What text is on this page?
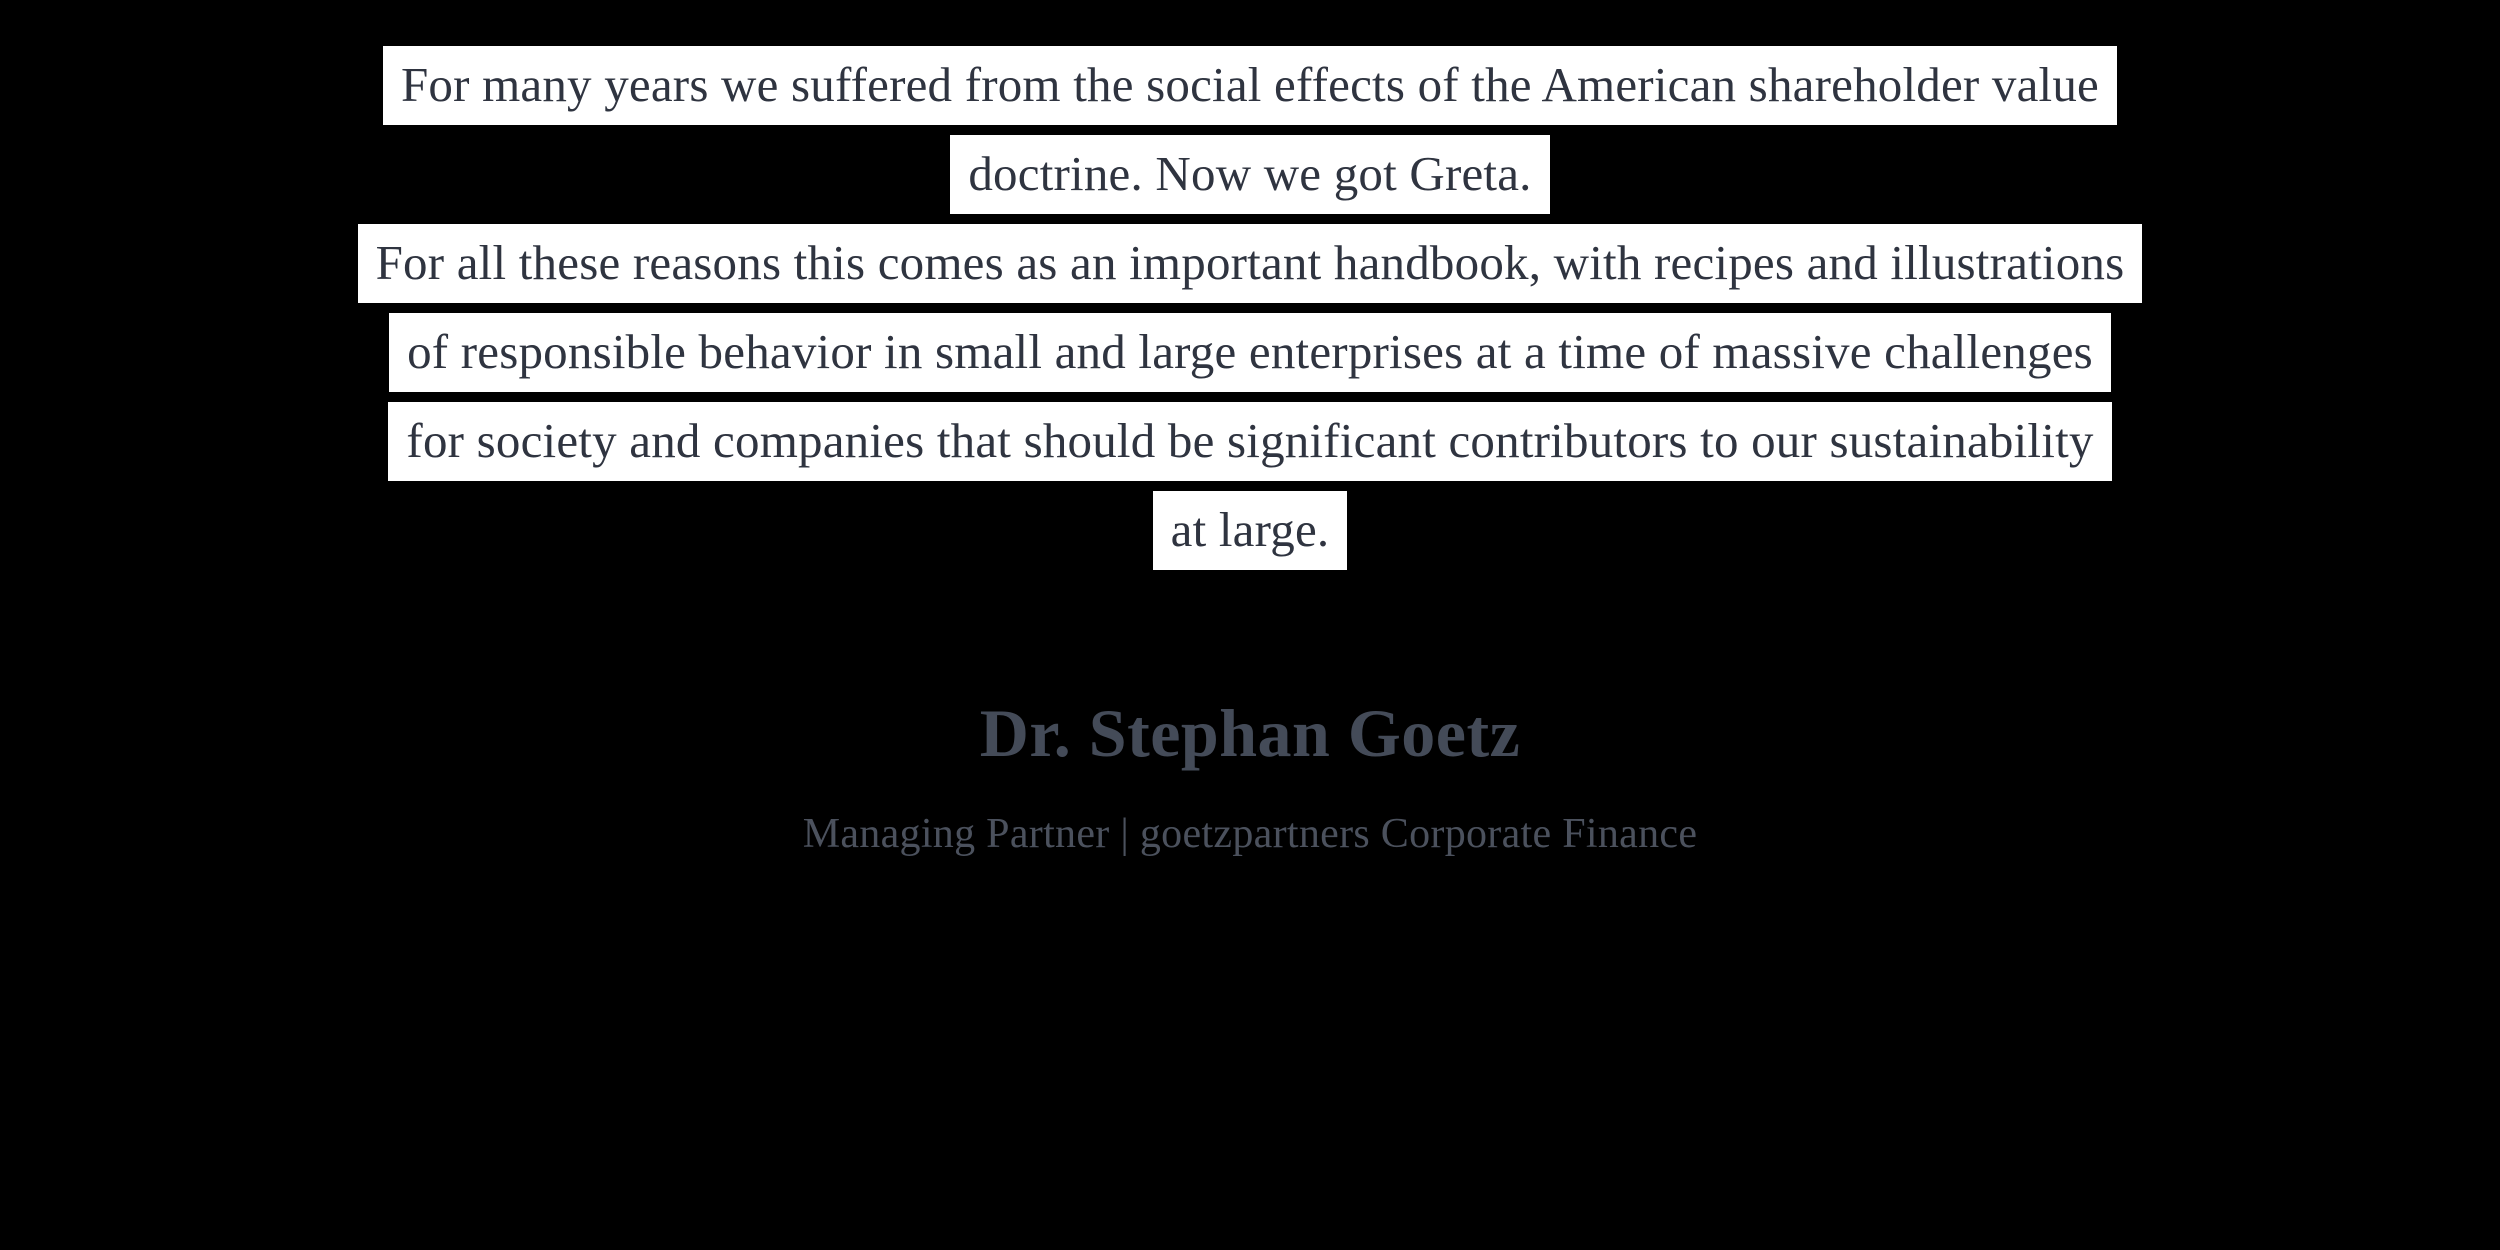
For many years we suffered from the social effects of the American shareholder value
doctrine. Now we got Greta.
For all these reasons this comes as an important handbook, with recipes and illustrations
of responsible behavior in small and large enterprises at a time of massive challenges
for society and companies that should be significant contributors to our sustainability
at large.
Dr. Stephan Goetz
Managing Partner | goetzpartners Corporate Finance
